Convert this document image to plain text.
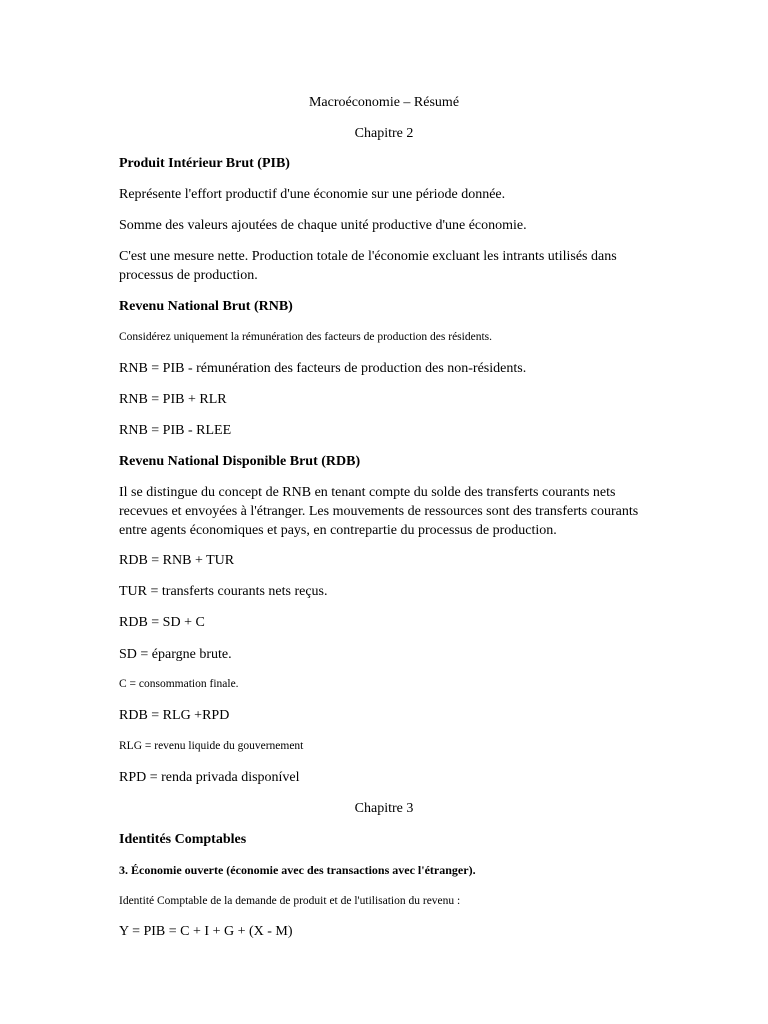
Macroéconomie – Résumé
Chapitre 2
Produit Intérieur Brut (PIB)
Représente l'effort productif d'une économie sur une période donnée.
Somme des valeurs ajoutées de chaque unité productive d'une économie.
C'est une mesure nette. Production totale de l'économie excluant les intrants utilisés dans processus de production.
Revenu National Brut (RNB)
Considérez uniquement la rémunération des facteurs de production des résidents.
RNB = PIB - rémunération des facteurs de production des non-résidents.
RNB = PIB + RLR
RNB = PIB - RLEE
Revenu National Disponible Brut (RDB)
Il se distingue du concept de RNB en tenant compte du solde des transferts courants nets recevues et envoyées à l'étranger. Les mouvements de ressources sont des transferts courants entre agents économiques et pays, en contrepartie du processus de production.
RDB = RNB + TUR
TUR = transferts courants nets reçus.
RDB = SD + C
SD = épargne brute.
C = consommation finale.
RDB = RLG +RPD
RLG = revenu liquide du gouvernement
RPD = renda privada disponível
Chapitre 3
Identités Comptables
3. Économie ouverte (économie avec des transactions avec l'étranger).
Identité Comptable de la demande de produit et de l'utilisation du revenu :
Y = PIB = C + I + G + (X - M)
